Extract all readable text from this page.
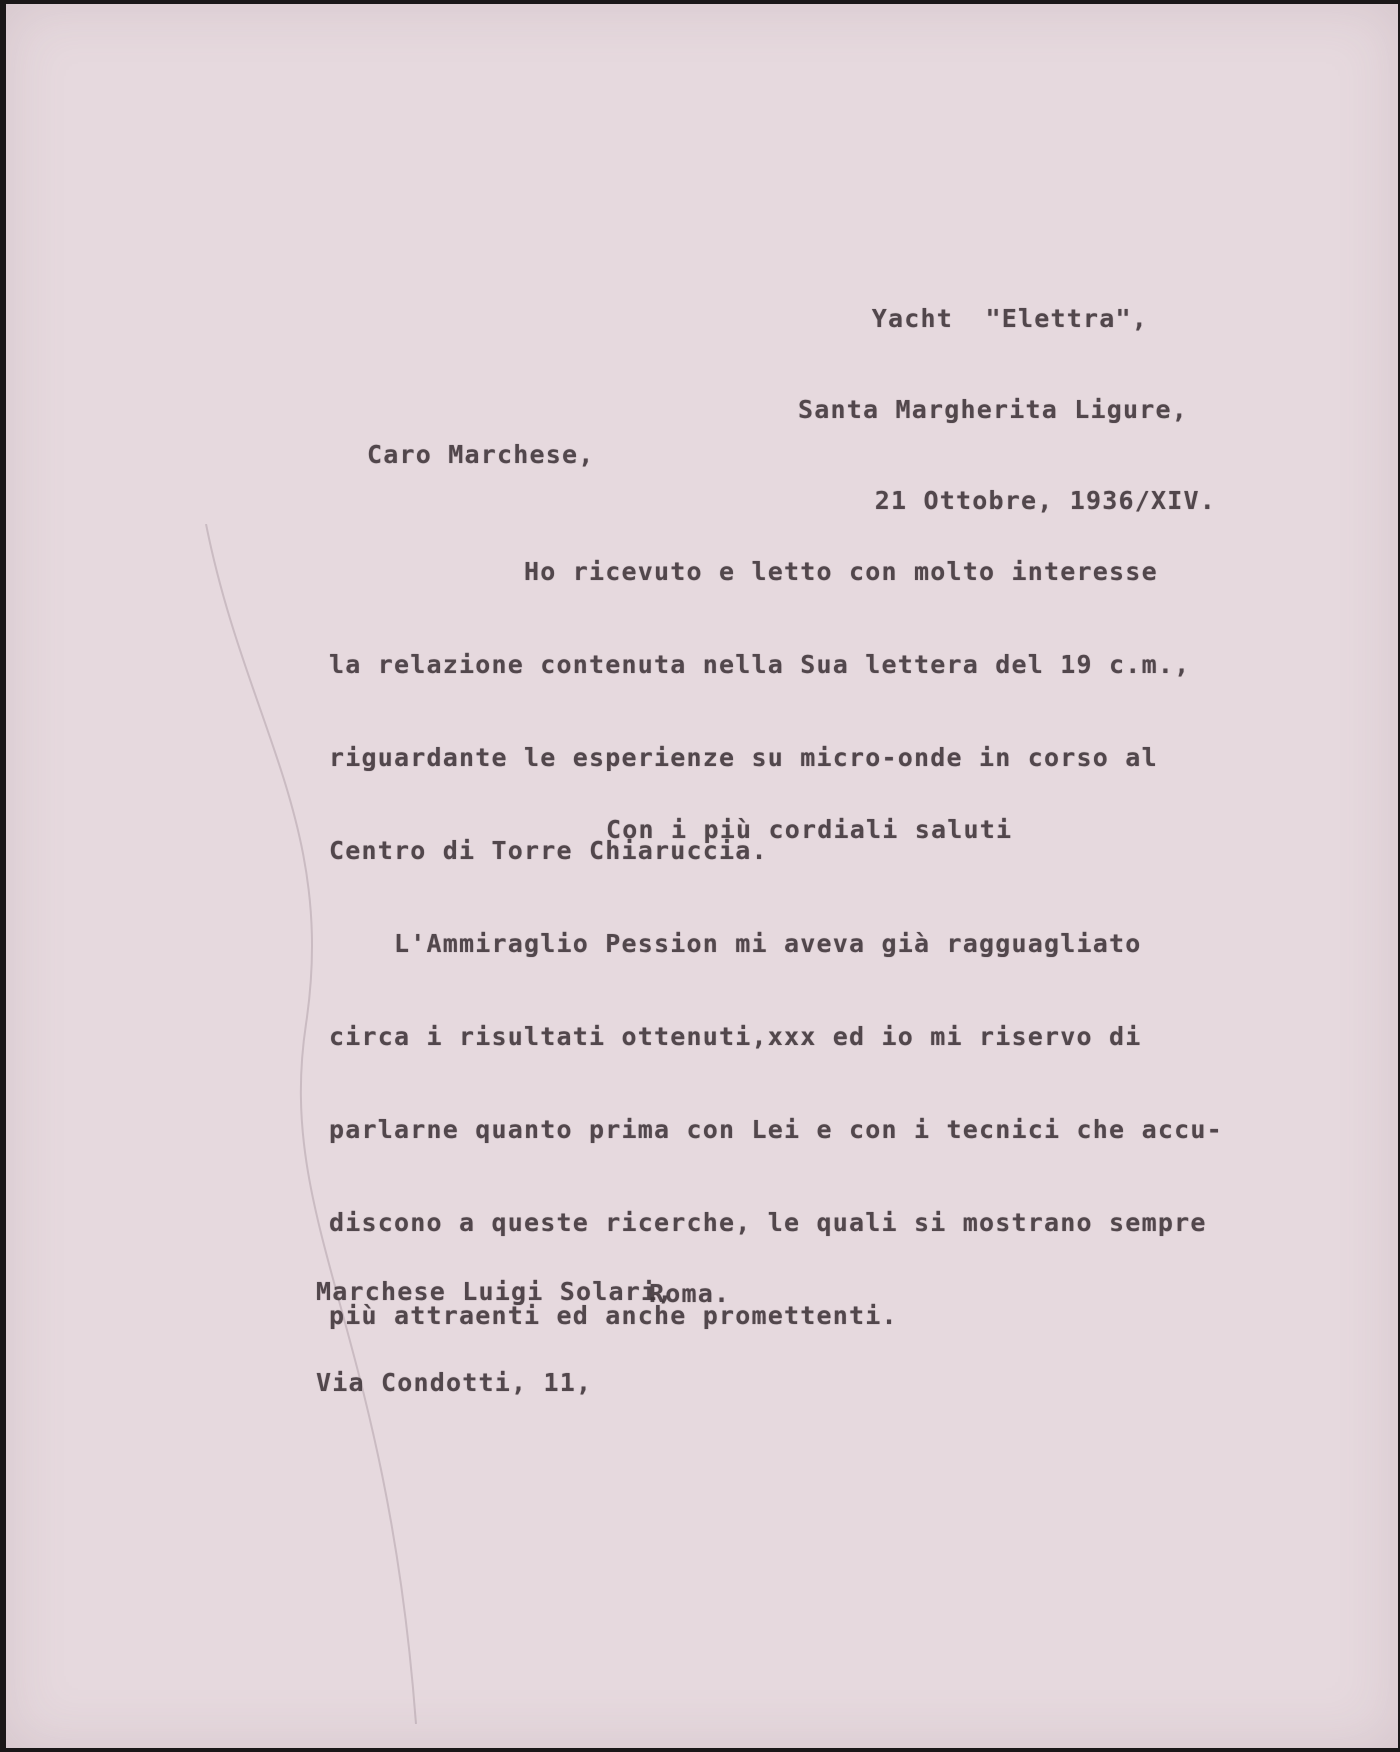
Yacht  "Elettra",

Santa Margherita Ligure,

21 Ottobre, 1936/XIV.

Caro Marchese,

Ho ricevuto e letto con molto interesse

la relazione contenuta nella Sua lettera del 19 c.m.,

riguardante le esperienze su micro-onde in corso al

Centro di Torre Chiaruccia.

L'Ammiraglio Pession mi aveva già ragguagliato

circa i risultati ottenuti,xxx ed io mi riservo di

parlarne quanto prima con Lei e con i tecnici che accu-

discono a queste ricerche, le quali si mostrano sempre

più attraenti ed anche promettenti.

Con i più cordiali saluti

Marchese Luigi Solari,

Via Condotti, 11,

Roma.
